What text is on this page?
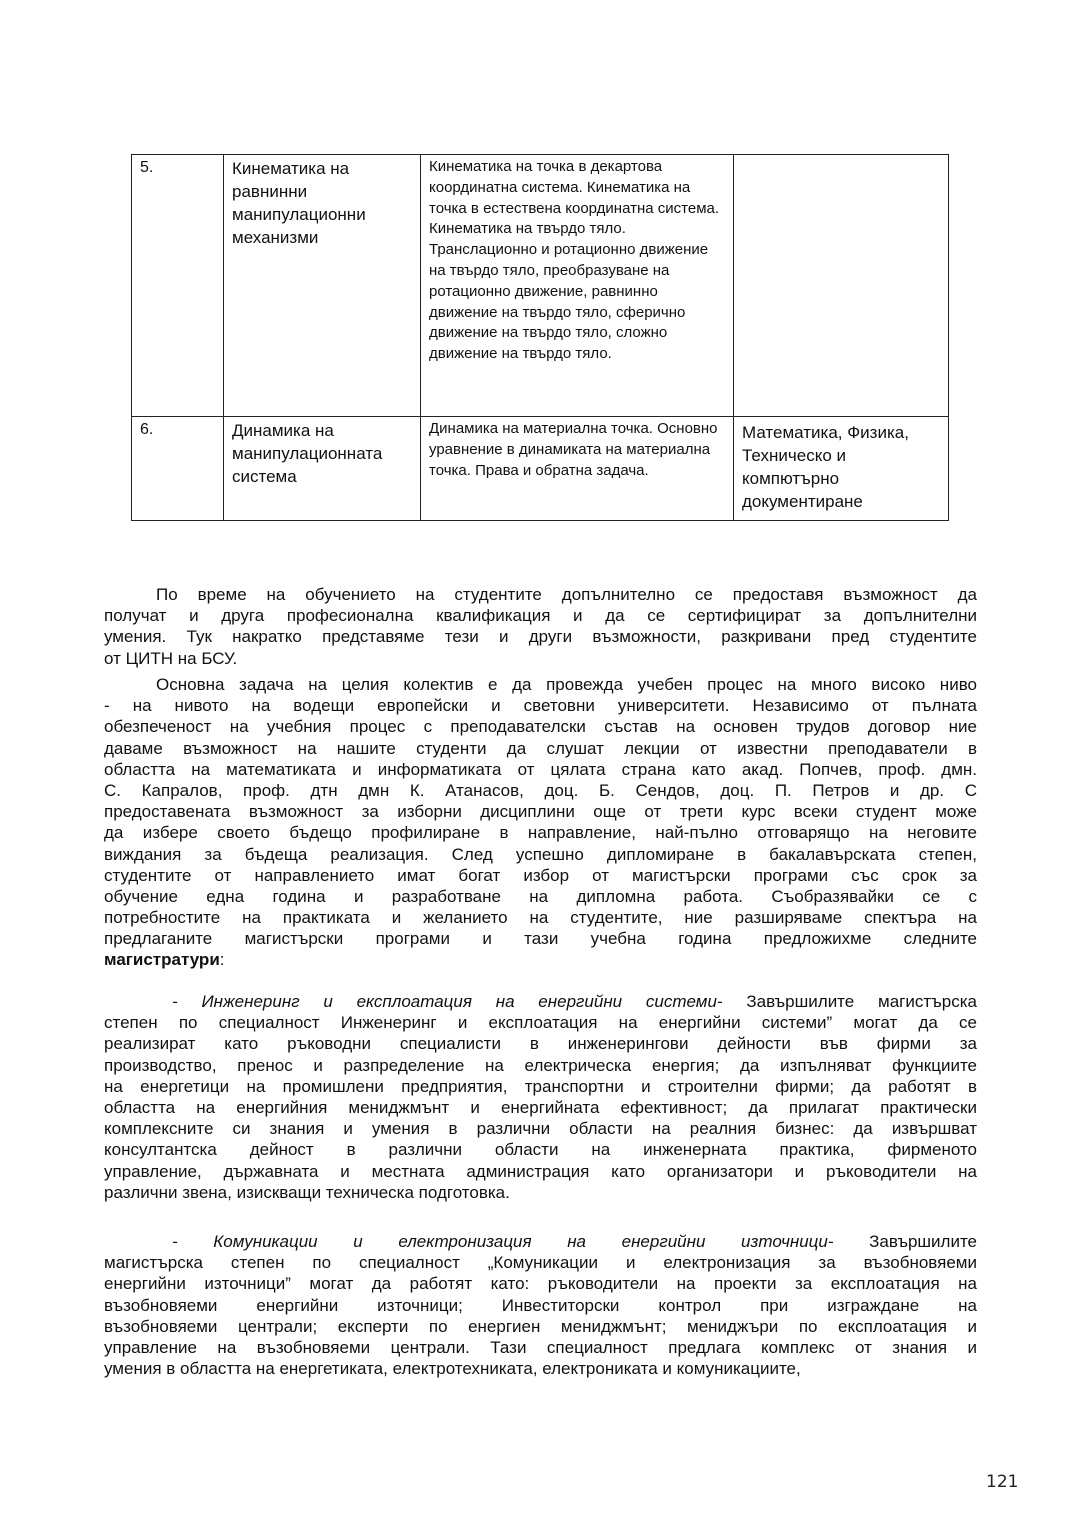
5.	Кинематика на равнинни манипулационни механизми	Кинематика на точка в декартова координатна система. Кинематика на точка в естествена координатна система. Кинематика на твърдо тяло. Транслационно и ротационно движение на твърдо тяло, преобразуване на ротационно движение, равнинно движение на твърдо тяло, сферично движение на твърдо тяло, сложно движение на твърдо тяло.	
6.	Динамика на манипулационната система	Динамика на материална точка. Основно уравнение в динамиката на материална точка. Права и обратна задача.	Математика, Физика, Техническо и компютърно документиране
По време на обучението на студентите допълнително се предоставя възможност да
получат и друга професионална квалификация и да се сертифицират за допълнителни
умения. Тук накратко представяме тези и други възможности, разкривани пред студентите
от ЦИТН на БСУ.
Основна задача на целия колектив е да провежда учебен процес на много високо ниво
- на нивото на водещи европейски и световни университети. Независимо от пълната
обезпеченост на учебния процес с преподавателски състав на основен трудов договор ние
даваме възможност на нашите студенти да слушат лекции от известни преподаватели в
областта на математиката и информатиката от цялата страна като акад. Попчев, проф. дмн.
С. Капралов, проф. дтн дмн К. Атанасов, доц. Б. Сендов, доц. П. Петров и др. С
предоставената възможност за изборни дисциплини още от трети курс всеки студент може
да избере своето бъдещо профилиране в направление, най-пълно отговарящо на неговите
виждания за бъдеща реализация. След успешно дипломиране в бакалавърската степен,
студентите от направлението имат богат избор от магистърски програми със срок за
обучение една година и разработване на дипломна работа. Съобразявайки се с
потребностите на практиката и желанието на студентите, ние разширяваме спектъра на
предлаганите магистърски програми и тази учебна година предложихме следните
магистратури:
- Инженеринг и експлоатация на енергийни системи- Завършилите магистърска
степен по специалност Инженеринг и експлоатация на енергийни системи” могат да се
реализират като ръководни специалисти в инженерингови дейности във фирми за
производство, пренос и разпределение на електрическа енергия; да изпълняват функциите
на енергетици на промишлени предприятия, транспортни и строителни фирми; да работят в
областта на енергийния мениджмънт и енергийната ефективност; да прилагат практически
комплексните си знания и умения в различни области на реалния бизнес: да извършват
консултантска дейност в различни области на инженерната практика, фирменото
управление, държавната и местната администрация като организатори и ръководители на
различни звена, изискващи техническа подготовка.
- Комуникации и електронизация на енергийни източници- Завършилите
магистърска степен по специалност „Комуникации и електронизация за възобновяеми
енергийни източници” могат да работят като: ръководители на проекти за експлоатация на
възобновяеми енергийни източници; Инвеститорски контрол при изграждане на
възобновяеми централи; експерти по енергиен мениджмънт; мениджъри по експлоатация и
управление на възобновяеми централи. Тази специалност предлага комплекс от знания и
умения в областта на енергетиката, електротехниката, електрониката и комуникациите,
121
